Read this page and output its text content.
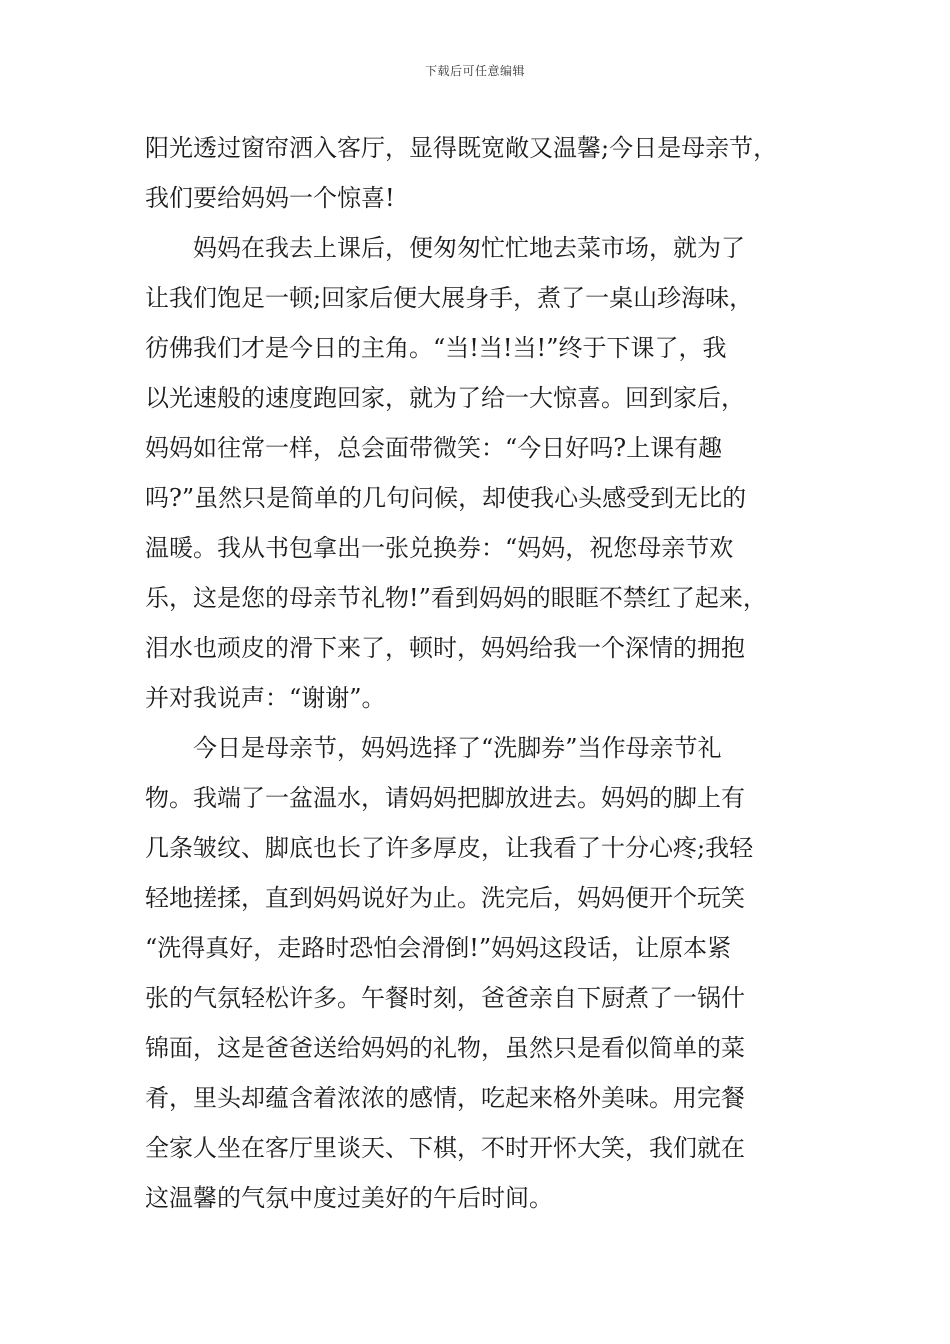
下载后可任意编辑
阳光透过窗帘洒入客厅，显得既宽敞又温馨;今日是母亲节，
我们要给妈妈一个惊喜!
　　妈妈在我去上课后，便匆匆忙忙地去菜市场，就为了
让我们饱足一顿;回家后便大展身手，煮了一桌山珍海味，
彷佛我们才是今日的主角。“当!当!当!”终于下课了，我
以光速般的速度跑回家，就为了给一大惊喜。回到家后，
妈妈如往常一样，总会面带微笑：“今日好吗?上课有趣
吗?”虽然只是简单的几句问候，却使我心头感受到无比的
温暖。我从书包拿出一张兑换券：“妈妈，祝您母亲节欢
乐，这是您的母亲节礼物!”看到妈妈的眼眶不禁红了起来，
泪水也顽皮的滑下来了，顿时，妈妈给我一个深情的拥抱
并对我说声：“谢谢”。
　　今日是母亲节，妈妈选择了“洗脚券”当作母亲节礼
物。我端了一盆温水，请妈妈把脚放进去。妈妈的脚上有
几条皱纹、脚底也长了许多厚皮，让我看了十分心疼;我轻
轻地搓揉，直到妈妈说好为止。洗完后，妈妈便开个玩笑
“洗得真好，走路时恐怕会滑倒!”妈妈这段话，让原本紧
张的气氛轻松许多。午餐时刻，爸爸亲自下厨煮了一锅什
锦面，这是爸爸送给妈妈的礼物，虽然只是看似简单的菜
肴，里头却蕴含着浓浓的感情，吃起来格外美味。用完餐
全家人坐在客厅里谈天、下棋，不时开怀大笑，我们就在
这温馨的气氛中度过美好的午后时间。
